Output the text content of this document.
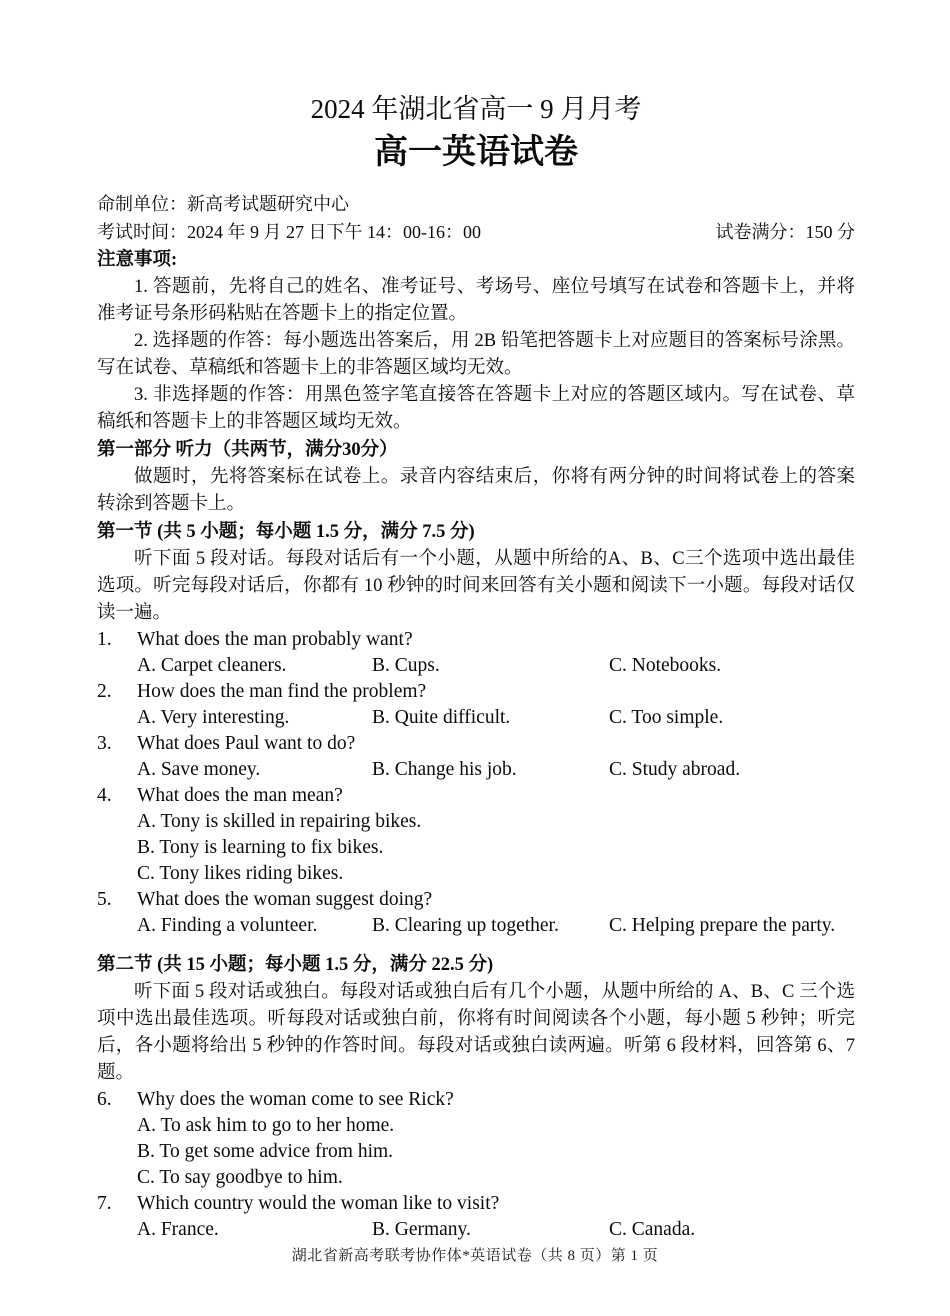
2024 年湖北省高一 9 月月考
高一英语试卷
命制单位：新高考试题研究中心
考试时间：2024 年 9 月 27 日下午 14：00-16：00	试卷满分：150 分
注意事项:

1. 答题前，先将自己的姓名、准考证号、考场号、座位号填写在试卷和答题卡上，并将准考证号条形码粘贴在答题卡上的指定位置。

2. 选择题的作答：每小题选出答案后，用 2B 铅笔把答题卡上对应题目的答案标号涂黑。写在试卷、草稿纸和答题卡上的非答题区域均无效。

3. 非选择题的作答：用黑色签字笔直接答在答题卡上对应的答题区域内。写在试卷、草稿纸和答题卡上的非答题区域均无效。

第一部分 听力（共两节，满分30分）

做题时，先将答案标在试卷上。录音内容结束后，你将有两分钟的时间将试卷上的答案转涂到答题卡上。

第一节 (共 5 小题；每小题 1.5 分，满分 7.5 分)

听下面 5 段对话。每段对话后有一个小题，从题中所给的A、B、C三个选项中选出最佳选项。听完每段对话后，你都有 10 秒钟的时间来回答有关小题和阅读下一小题。每段对话仅读一遍。

1.	What does the man probably want?
A. Carpet cleaners.	B. Cups.	C. Notebooks.
2.	How does the man find the problem?
A. Very interesting.	B. Quite difficult.	C. Too simple.
3.	What does Paul want to do?
A. Save money.	B. Change his job.	C. Study abroad.
4.	What does the man mean?
A. Tony is skilled in repairing bikes.
B. Tony is learning to fix bikes.
C. Tony likes riding bikes.
5.	What does the woman suggest doing?
A. Finding a volunteer.	B. Clearing up together.	C. Helping prepare the party.
第二节 (共 15 小题；每小题 1.5 分，满分 22.5 分)

听下面 5 段对话或独白。每段对话或独白后有几个小题，从题中所给的 A、B、C 三个选项中选出最佳选项。听每段对话或独白前，你将有时间阅读各个小题，每小题 5 秒钟；听完后，各小题将给出 5 秒钟的作答时间。每段对话或独白读两遍。听第 6 段材料，回答第 6、7 题。

6.	Why does the woman come to see Rick?
A. To ask him to go to her home.
B. To get some advice from him.
C. To say goodbye to him.
7.	Which country would the woman like to visit?
A. France.	B. Germany.	C. Canada.
湖北省新高考联考协作体*英语试卷（共 8 页）第 1 页
